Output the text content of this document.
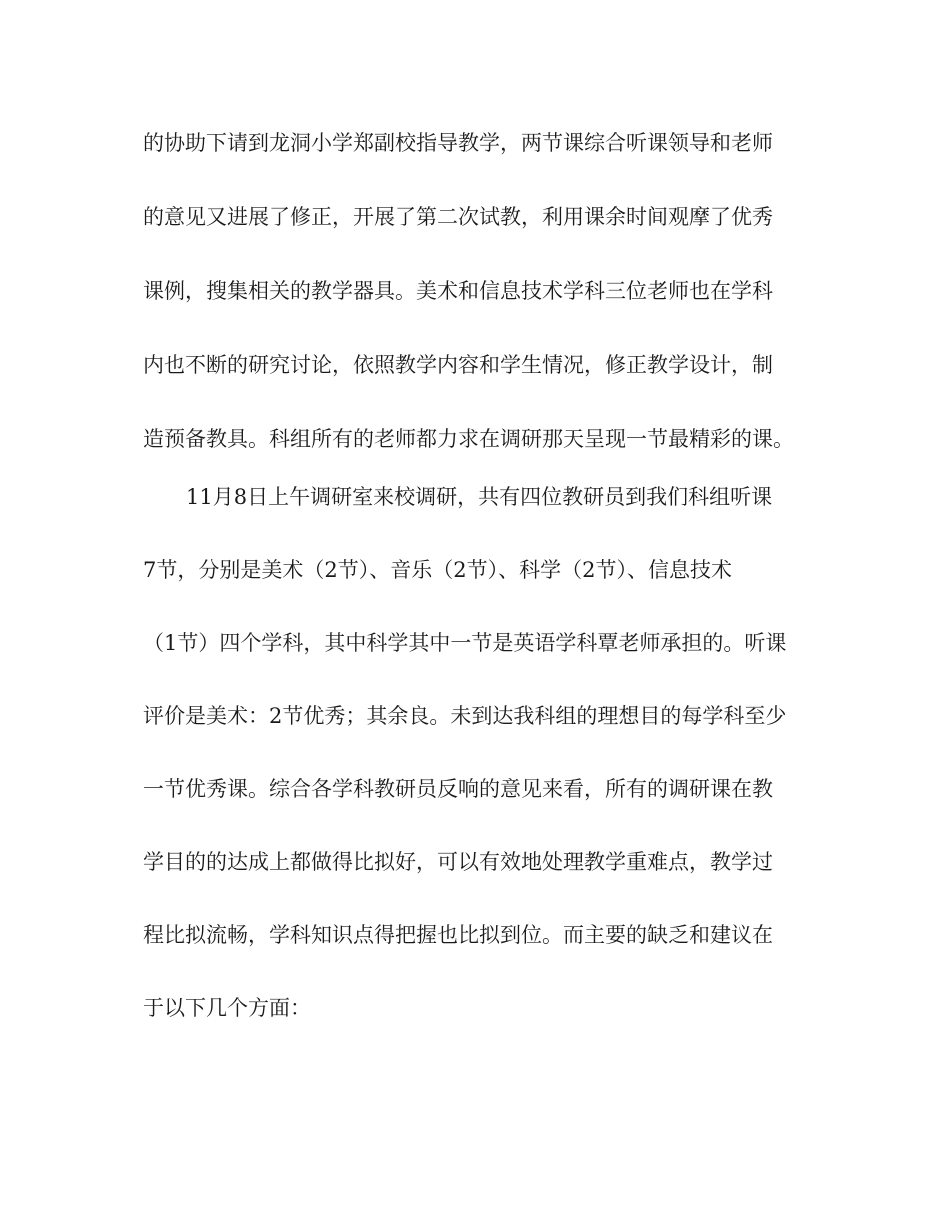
的协助下请到龙洞小学郑副校指导教学，两节课综合听课领导和老师
的意见又进展了修正，开展了第二次试教，利用课余时间观摩了优秀
课例，搜集相关的教学器具。美术和信息技术学科三位老师也在学科
内也不断的研究讨论，依照教学内容和学生情况，修正教学设计，制
造预备教具。科组所有的老师都力求在调研那天呈现一节最精彩的课。
11月8日上午调研室来校调研，共有四位教研员到我们科组听课
7节，分别是美术（2节）、音乐（2节）、科学（2节）、信息技术
（1节）四个学科，其中科学其中一节是英语学科覃老师承担的。听课
评价是美术：2节优秀；其余良。未到达我科组的理想目的每学科至少
一节优秀课。综合各学科教研员反响的意见来看，所有的调研课在教
学目的的达成上都做得比拟好，可以有效地处理教学重难点，教学过
程比拟流畅，学科知识点得把握也比拟到位。而主要的缺乏和建议在
于以下几个方面：
